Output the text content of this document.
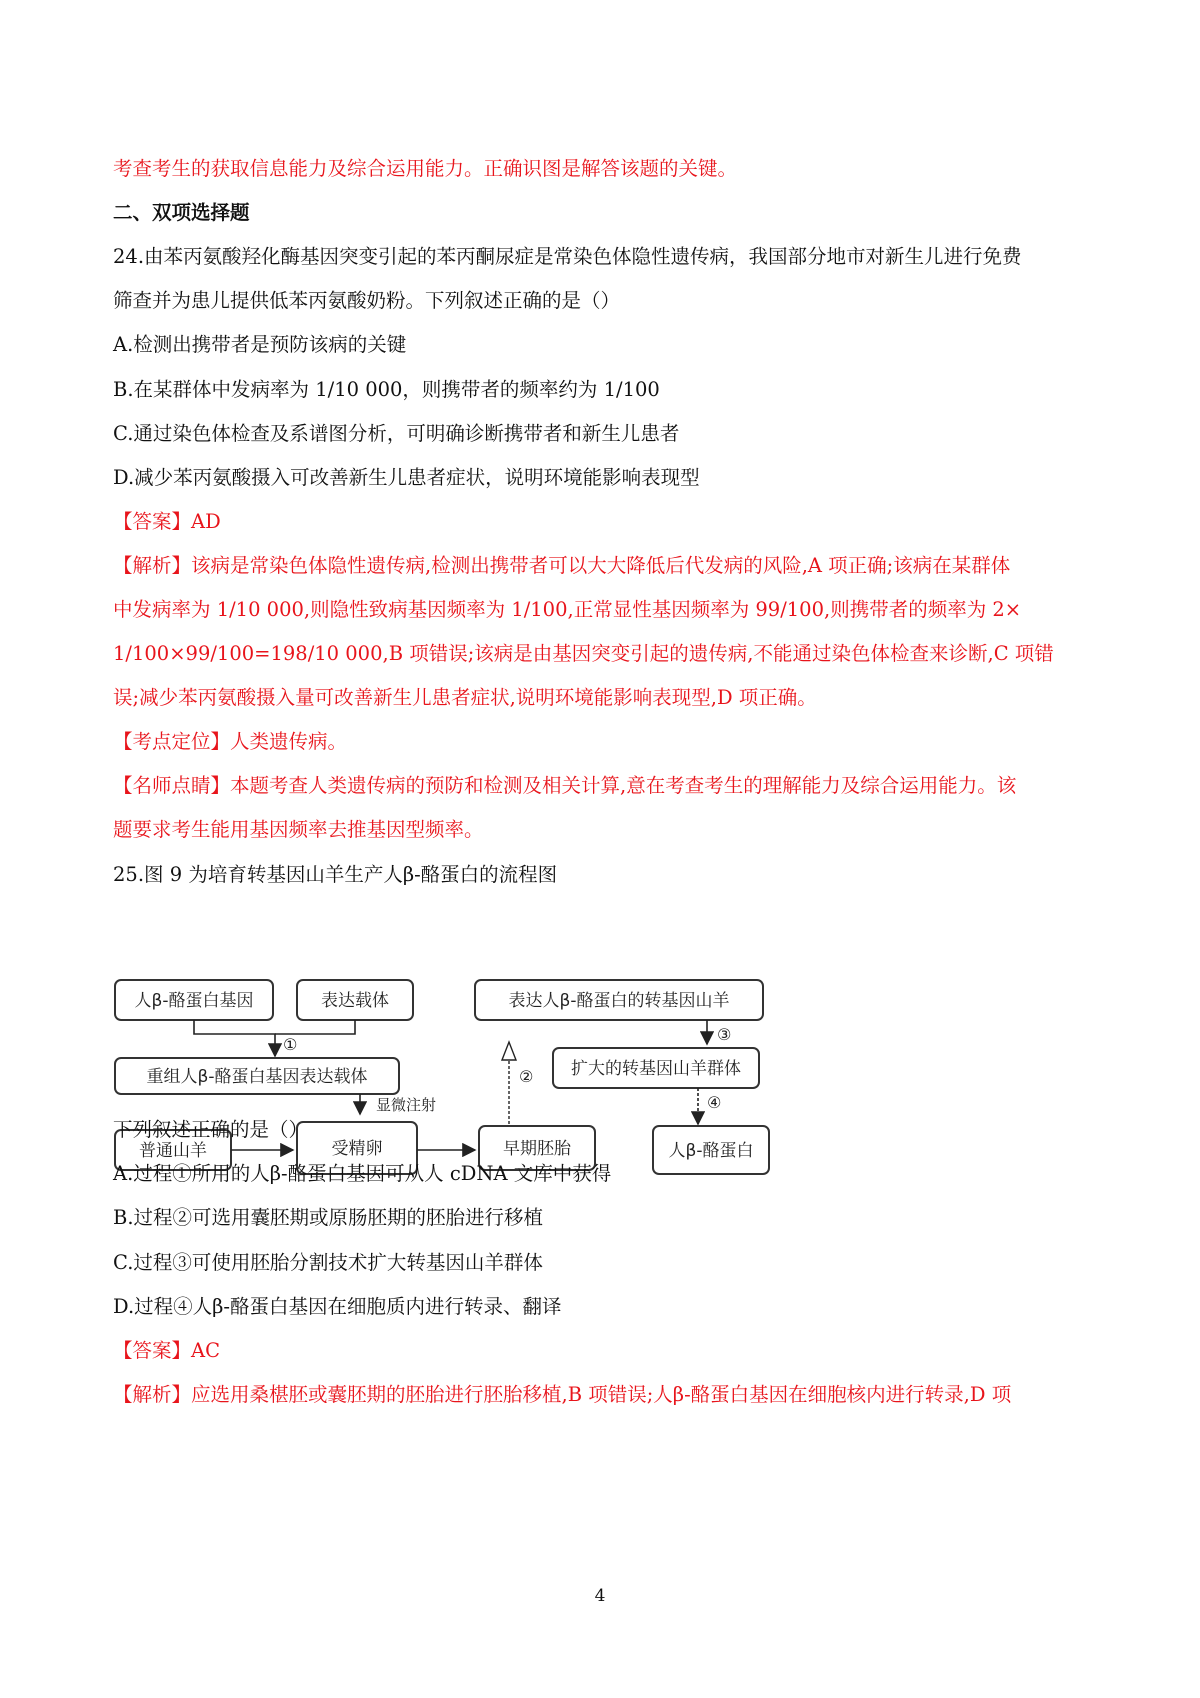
考查考生的获取信息能力及综合运用能力。正确识图是解答该题的关键。
二、双项选择题
24.由苯丙氨酸羟化酶基因突变引起的苯丙酮尿症是常染色体隐性遗传病，我国部分地市对新生儿进行免费
筛查并为患儿提供低苯丙氨酸奶粉。下列叙述正确的是（）
A.检测出携带者是预防该病的关键
B.在某群体中发病率为 1/10 000，则携带者的频率约为 1/100
C.通过染色体检查及系谱图分析，可明确诊断携带者和新生儿患者
D.减少苯丙氨酸摄入可改善新生儿患者症状，说明环境能影响表现型
【答案】AD
【解析】该病是常染色体隐性遗传病,检测出携带者可以大大降低后代发病的风险,A 项正确;该病在某群体
中发病率为 1/10 000,则隐性致病基因频率为 1/100,正常显性基因频率为 99/100,则携带者的频率为 2×
1/100×99/100=198/10 000,B 项错误;该病是由基因突变引起的遗传病,不能通过染色体检查来诊断,C 项错
误;减少苯丙氨酸摄入量可改善新生儿患者症状,说明环境能影响表现型,D 项正确。
【考点定位】人类遗传病。
【名师点睛】本题考查人类遗传病的预防和检测及相关计算,意在考查考生的理解能力及综合运用能力。该
题要求考生能用基因频率去推基因型频率。
25.图 9 为培育转基因山羊生产人β-酪蛋白的流程图
人β-酪蛋白基因	表达载体
①
重组人β-酪蛋白基因表达载体
显微注射
普通山羊	受精卵	早期胚胎	人β-酪蛋白
表达人β-酪蛋白的转基因山羊
③
扩大的转基因山羊群体
④
②
下列叙述正确的是（）
A.过程①所用的人β-酪蛋白基因可从人 cDNA 文库中获得
B.过程②可选用囊胚期或原肠胚期的胚胎进行移植
C.过程③可使用胚胎分割技术扩大转基因山羊群体
D.过程④人β-酪蛋白基因在细胞质内进行转录、翻译
【答案】AC
【解析】应选用桑椹胚或囊胚期的胚胎进行胚胎移植,B 项错误;人β-酪蛋白基因在细胞核内进行转录,D 项
4
